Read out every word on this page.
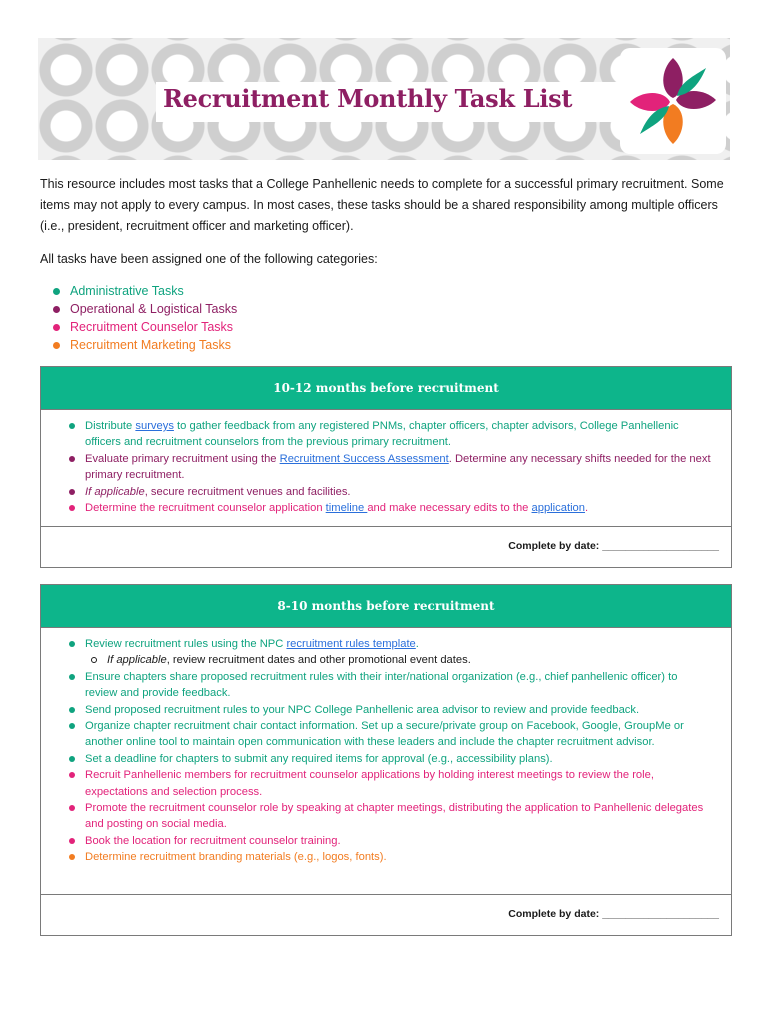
Recruitment Monthly Task List

This resource includes most tasks that a College Panhellenic needs to complete for a successful primary recruitment. Some items may not apply to every campus. In most cases, these tasks should be a shared responsibility among multiple officers (i.e., president, recruitment officer and marketing officer).

All tasks have been assigned one of the following categories:

Administrative Tasks
Operational & Logistical Tasks
Recruitment Counselor Tasks
Recruitment Marketing Tasks
10-12 months before recruitment
Distribute surveys to gather feedback from any registered PNMs, chapter officers, chapter advisors, College Panhellenic officers and recruitment counselors from the previous primary recruitment.
Evaluate primary recruitment using the Recruitment Success Assessment. Determine any necessary shifts needed for the next primary recruitment.
If applicable, secure recruitment venues and facilities.
Determine the recruitment counselor application timeline and make necessary edits to the application.
Complete by date: ____________________
8-10 months before recruitment
Review recruitment rules using the NPC recruitment rules template.
If applicable, review recruitment dates and other promotional event dates.
Ensure chapters share proposed recruitment rules with their inter/national organization (e.g., chief panhellenic officer) to review and provide feedback.
Send proposed recruitment rules to your NPC College Panhellenic area advisor to review and provide feedback.
Organize chapter recruitment chair contact information. Set up a secure/private group on Facebook, Google, GroupMe or another online tool to maintain open communication with these leaders and include the chapter recruitment advisor.
Set a deadline for chapters to submit any required items for approval (e.g., accessibility plans).
Recruit Panhellenic members for recruitment counselor applications by holding interest meetings to review the role, expectations and selection process.
Promote the recruitment counselor role by speaking at chapter meetings, distributing the application to Panhellenic delegates and posting on social media.
Book the location for recruitment counselor training.
Determine recruitment branding materials (e.g., logos, fonts).
Complete by date: ____________________
